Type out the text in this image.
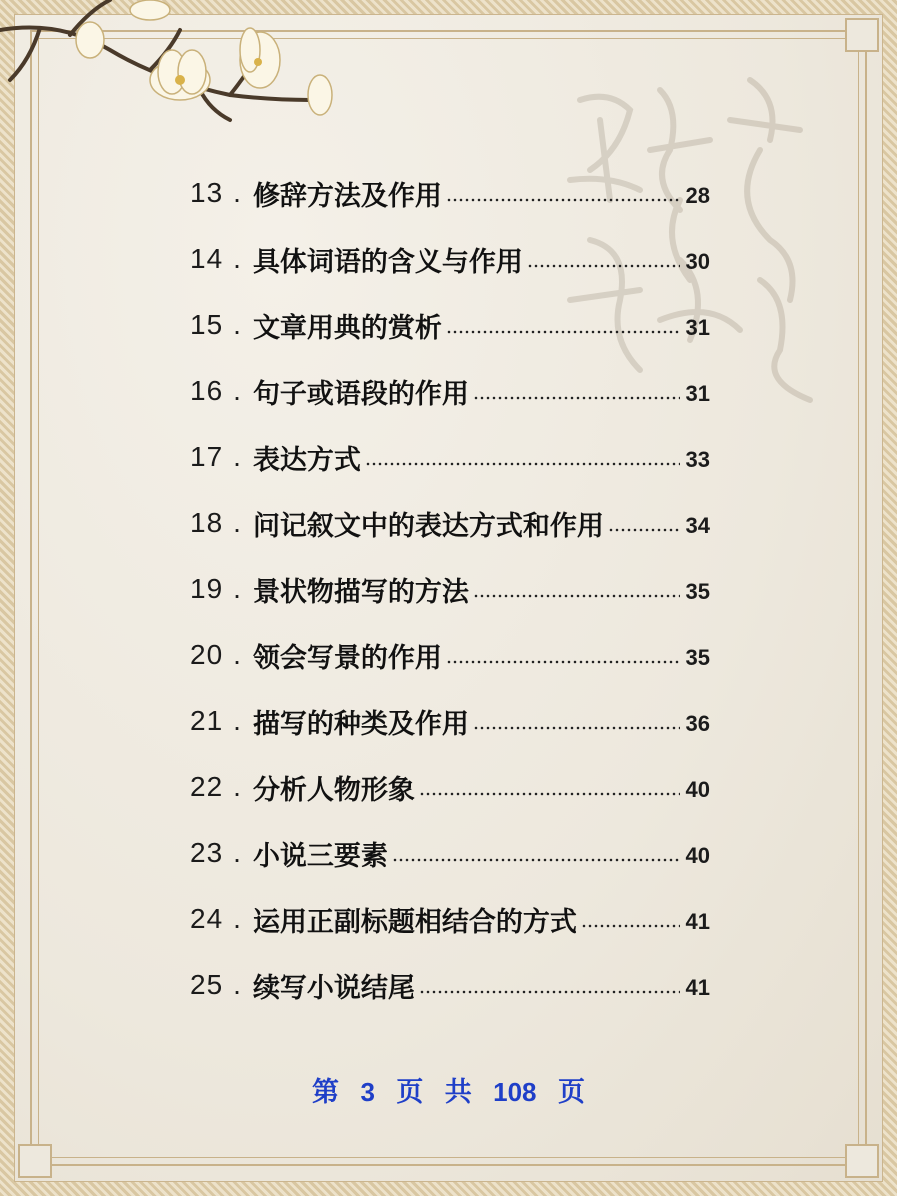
13 . 修辞方法及作用	28
14 . 具体词语的含义与作用	30
15 . 文章用典的赏析	31
16 . 句子或语段的作用	31
17 . 表达方式	33
18 . 问记叙文中的表达方式和作用	34
19 . 景状物描写的方法	35
20 . 领会写景的作用	35
21 . 描写的种类及作用	36
22 . 分析人物形象	40
23 . 小说三要素	40
24 . 运用正副标题相结合的方式	41
25 . 续写小说结尾	41
第 3 页 共 108 页
